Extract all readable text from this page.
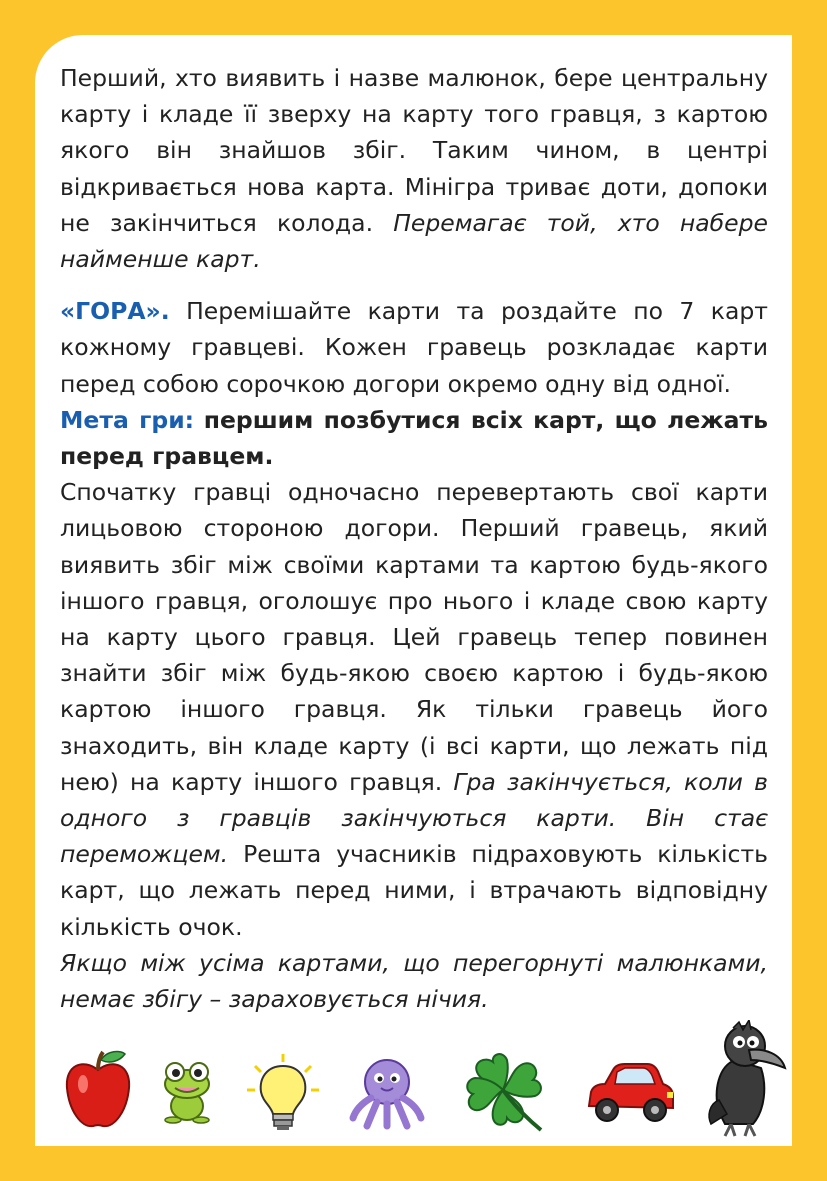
Перший, хто виявить і назве малюнок, бере центральну карту і кладе її зверху на карту того гравця, з картою якого він знайшов збіг. Таким чином, в центрі відкривається нова карта. Мінігра триває доти, допоки не закінчиться колода. Перемагає той, хто набере найменше карт.

«ГОРА». Перемішайте карти та роздайте по 7 карт кожному гравцеві. Кожен гравець розкладає карти перед собою сорочкою догори окремо одну від одної.

Мета гри: першим позбутися всіх карт, що лежать перед гравцем.

Спочатку гравці одночасно перевертають свої карти лицьовою стороною догори. Перший гравець, який виявить збіг між своїми картами та картою будь-якого іншого гравця, оголошує про нього і кладе свою карту на карту цього гравця. Цей гравець тепер повинен знайти збіг між будь-якою своєю картою і будь-якою картою іншого гравця. Як тільки гравець його знаходить, він кладе карту (і всі карти, що лежать під нею) на карту іншого гравця. Гра закінчується, коли в одного з гравців закінчуються карти. Він стає переможцем. Решта учасників підраховують кількість карт, що лежать перед ними, і втрачають відповідну кількість очок.

Якщо між усіма картами, що перегорнуті малюнками, немає збігу – зараховується нічия.
